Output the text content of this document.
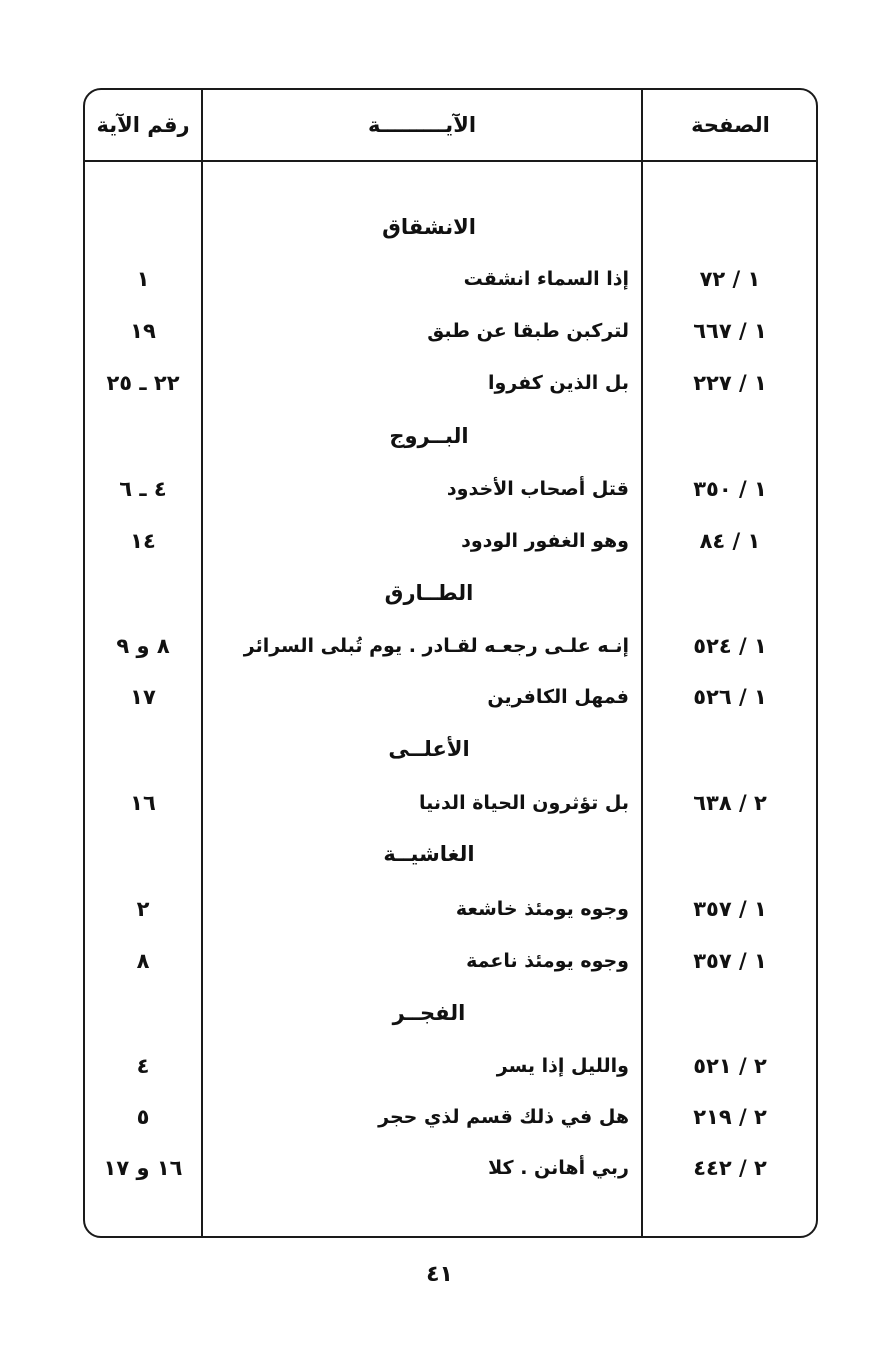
رقم الآية	الآيـــــــــة	الصفحة
الانشقاق
١ / ٧٢
إذا السماء انشقت
١
١ / ٦٦٧
لتركبن طبقا عن طبق
١٩
١ / ٢٢٧
بل الذين كفروا
٢٢ ـ ٢٥
البــروج
١ / ٣٥٠
قتل أصحاب الأخدود
٤ ـ ٦
١ / ٨٤
وهو الغفور الودود
١٤
الطــارق
١ / ٥٢٤
إنـه علـى رجعـه لقـادر . يوم تُبلى السرائر
٨ و ٩
١ / ٥٢٦
فمهل الكافرين
١٧
الأعلــى
٢ / ٦٣٨
بل تؤثرون الحياة الدنيا
١٦
الغاشيــة
١ / ٣٥٧
وجوه يومئذ خاشعة
٢
١ / ٣٥٧
وجوه يومئذ ناعمة
٨
الفجــر
٢ / ٥٢١
والليل إذا يسر
٤
٢ / ٢١٩
هل في ذلك قسم لذي حجر
٥
٢ / ٤٤٢
ربي أهانن . كلا
١٦ و ١٧
٤١
